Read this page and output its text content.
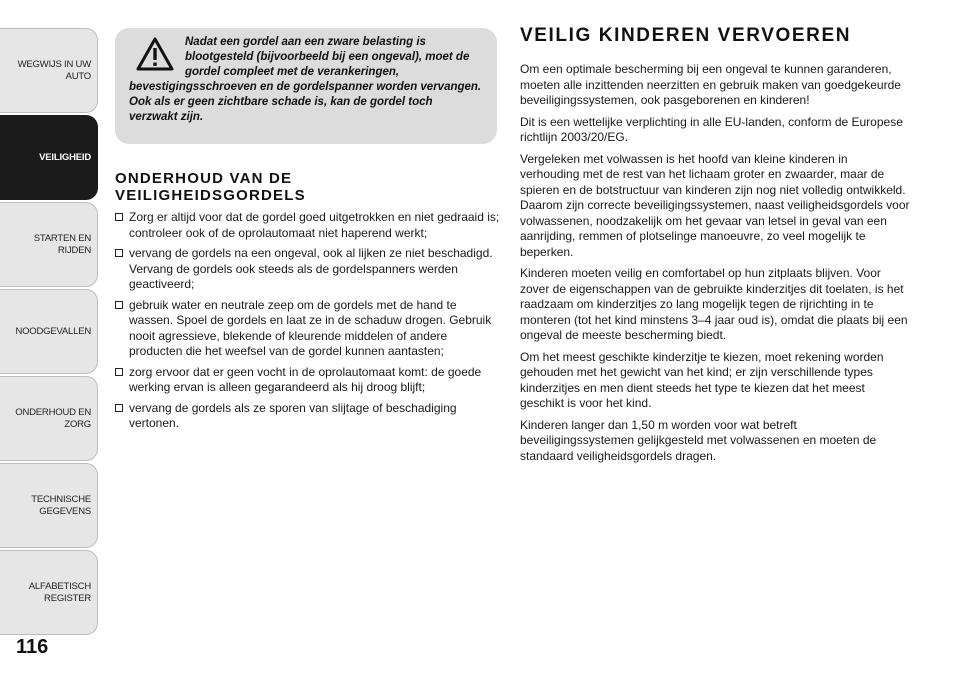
WEGWIJS IN UW AUTO
VEILIGHEID
STARTEN EN RIJDEN
NOODGEVALLEN
ONDERHOUD EN ZORG
TECHNISCHE GEGEVENS
ALFABETISCH REGISTER
116

Nadat een gordel aan een zware belasting is blootgesteld (bijvoorbeeld bij een ongeval), moet de gordel compleet met de verankeringen,
bevestigingsschroeven en de gordelspanner worden vervangen. Ook als er geen zichtbare schade is, kan de gordel toch verzwakt zijn.

ONDERHOUD VAN DE
VEILIGHEIDSGORDELS
Zorg er altijd voor dat de gordel goed uitgetrokken en niet gedraaid is; controleer ook of de oprolautomaat niet haperend werkt;
vervang de gordels na een ongeval, ook al lijken ze niet beschadigd. Vervang de gordels ook steeds als de gordelspanners werden geactiveerd;
gebruik water en neutrale zeep om de gordels met de hand te wassen. Spoel de gordels en laat ze in de schaduw drogen. Gebruik nooit agressieve, blekende of kleurende middelen of andere producten die het weefsel van de gordel kunnen aantasten;
zorg ervoor dat er geen vocht in de oprolautomaat komt: de goede werking ervan is alleen gegarandeerd als hij droog blijft;
vervang de gordels als ze sporen van slijtage of beschadiging vertonen.
VEILIG KINDEREN VERVOEREN

Om een optimale bescherming bij een ongeval te kunnen garanderen, moeten alle inzittenden neerzitten en gebruik maken van goedgekeurde beveiligingssystemen, ook pasgeborenen en kinderen!

Dit is een wettelijke verplichting in alle EU-landen, conform de Europese richtlijn 2003/20/EG.

Vergeleken met volwassen is het hoofd van kleine kinderen in verhouding met de rest van het lichaam groter en zwaarder, maar de spieren en de botstructuur van kinderen zijn nog niet volledig ontwikkeld. Daarom zijn correcte beveiligingssystemen, naast veiligheidsgordels voor volwassenen, noodzakelijk om het gevaar van letsel in geval van een aanrijding, remmen of plotselinge manoeuvre, zo veel mogelijk te beperken.

Kinderen moeten veilig en comfortabel op hun zitplaats blijven. Voor zover de eigenschappen van de gebruikte kinderzitjes dit toelaten, is het raadzaam om kinderzitjes zo lang mogelijk tegen de rijrichting in te monteren (tot het kind minstens 3–4 jaar oud is), omdat die plaats bij een ongeval de meeste bescherming biedt.

Om het meest geschikte kinderzitje te kiezen, moet rekening worden gehouden met het gewicht van het kind; er zijn verschillende types kinderzitjes en men dient steeds het type te kiezen dat het meest geschikt is voor het kind.

Kinderen langer dan 1,50 m worden voor wat betreft beveiligingssystemen gelijkgesteld met volwassenen en moeten de standaard veiligheidsgordels dragen.
